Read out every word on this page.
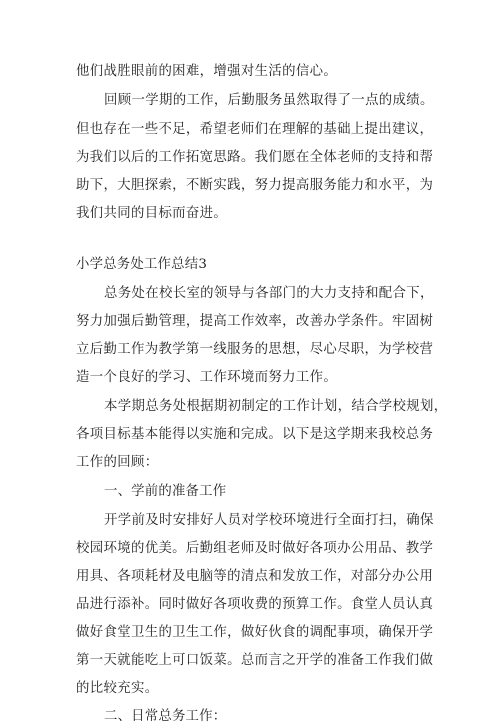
他们战胜眼前的困难，增强对生活的信心。
回顾一学期的工作，后勤服务虽然取得了一点的成绩。
但也存在一些不足，希望老师们在理解的基础上提出建议，
为我们以后的工作拓宽思路。我们愿在全体老师的支持和帮
助下，大胆探索，不断实践，努力提高服务能力和水平，为
我们共同的目标而奋进。
小学总务处工作总结3
总务处在校长室的领导与各部门的大力支持和配合下，
努力加强后勤管理，提高工作效率，改善办学条件。牢固树
立后勤工作为教学第一线服务的思想，尽心尽职，为学校营
造一个良好的学习、工作环境而努力工作。
本学期总务处根据期初制定的工作计划，结合学校规划，
各项目标基本能得以实施和完成。以下是这学期来我校总务
工作的回顾：
一、学前的准备工作
开学前及时安排好人员对学校环境进行全面打扫，确保
校园环境的优美。后勤组老师及时做好各项办公用品、教学
用具、各项耗材及电脑等的清点和发放工作，对部分办公用
品进行添补。同时做好各项收费的预算工作。食堂人员认真
做好食堂卫生的卫生工作，做好伙食的调配事项，确保开学
第一天就能吃上可口饭菜。总而言之开学的准备工作我们做
的比较充实。
二、日常总务工作：
